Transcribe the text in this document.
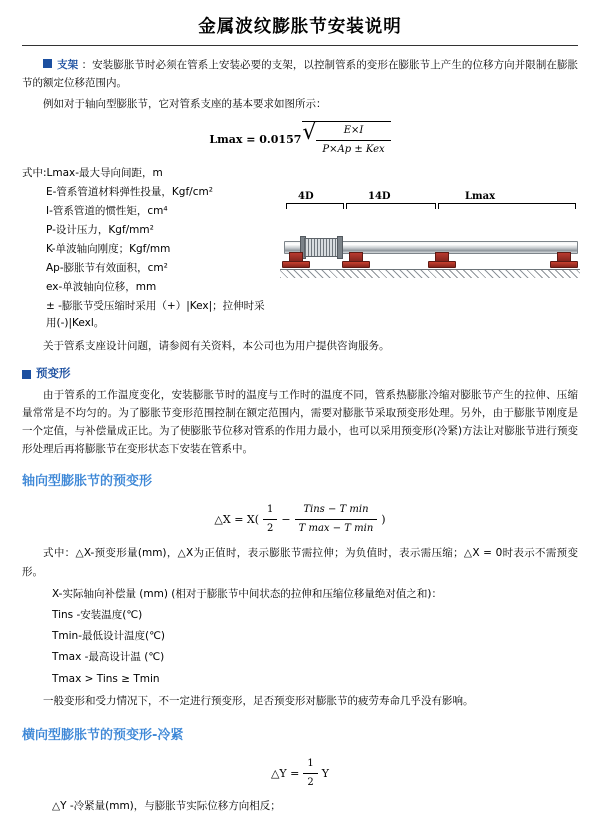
金属波纹膨胀节安装说明
支架 ：安装膨胀节时必须在管系上安装必要的支架，以控制管系的变形在膨胀节上产生的位移方向并限制在膨胀节的额定位移范围内。
例如对于轴向型膨胀节，它对管系支座的基本要求如图所示：
Lmax = 0.0157 √ $\frac{E\times I}{\text{P×Ap ± Kex}}$
式中:Lmax-最大导向间距，m
E-管系管道材料弹性投量，Kgf/cm²
I-管系管道的惯性矩，cm⁴
P-设计压力，Kgf/mm²
K-单波轴向刚度；Kgf/mm
Ap-膨胀节有效面积，cm²
ex-单波轴向位移，mm
± -膨胀节受压缩时采用（+）|Kex|；拉伸时采用(-)|Kexl。
4D	14D	Lmax
关于管系支座设计问题，请参阅有关资料，本公司也为用户提供咨询服务。
预变形
由于管系的工作温度变化，安装膨胀节时的温度与工作时的温度不同，管系热膨胀冷缩对膨胀节产生的拉伸、压缩量常常是不均匀的。为了膨胀节变形范围控制在额定范围内，需要对膨胀节采取预变形处理。另外，由于膨胀节刚度是一个定值，与补偿量成正比。为了使膨胀节位移对管系的作用力最小，也可以采用预变形(冷紧)方法让对膨胀节进行预变形处理后再将膨胀节在变形状态下安装在管系中。
轴向型膨胀节的预变形
△X = $X( \frac{1}{2} - \frac{\text{Tins − T min}}{\text{T max − T min}}$ )
式中：△X-预变形量(mm)，△X为正值时，表示膨胀节需拉伸；为负值时，表示需压缩；△X = 0时表示不需预变形。
X-实际轴向补偿量 (mm) (相对于膨胀节中间状态的拉伸和压缩位移量绝对值之和)：
Tins -安装温度(℃)
Tmin-最低设计温度(℃)
Tmax -最高设计温 (℃)
Tmax > Tins ≥ Tmin
一般变形和受力情况下，不一定进行预变形，足否预变形对膨胀节的疲劳寿命几乎没有影响。
横向型膨胀节的预变形-冷紧
△Y = $\frac{1}{2}$ Y
△Y -冷紧量(mm)，与膨胀节实际位移方向相反；
